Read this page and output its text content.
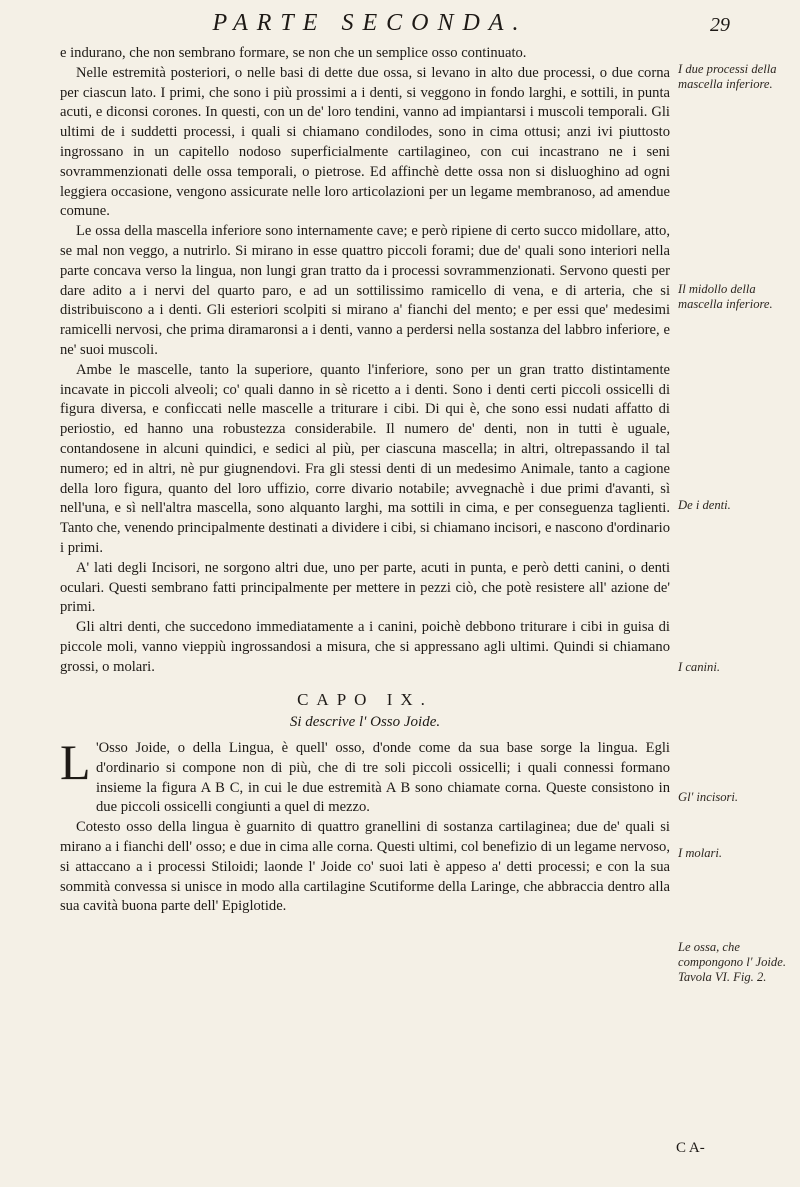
PARTE SECONDA.	29

e indurano, che non sembrano formare, se non che un semplice osso continuato.

Nelle estremità posteriori, o nelle basi di dette due ossa, si levano in alto due processi, o due corna per ciascun lato. I primi, che sono i più prossimi a i denti, si veggono in fondo larghi, e sottili, in punta acuti, e diconsi corones. In questi, con un de' loro tendini, vanno ad impiantarsi i muscoli temporali. Gli ultimi de i suddetti processi, i quali si chiamano condilodes, sono in cima ottusi; anzi ivi piuttosto ingrossano in un capitello nodoso superficialmente cartilagineo, con cui incastrano ne i seni sovrammenzionati delle ossa temporali, o pietrose. Ed affinchè dette ossa non si disluoghino ad ogni leggiera occasione, vengono assicurate nelle loro articolazioni per un legame membranoso, ad amendue comune.

Le ossa della mascella inferiore sono internamente cave; e però ripiene di certo succo midollare, atto, se mal non veggo, a nutrirlo. Si mirano in esse quattro piccoli forami; due de' quali sono interiori nella parte concava verso la lingua, non lungi gran tratto da i processi sovrammenzionati. Servono questi per dare adito a i nervi del quarto paro, e ad un sottilissimo ramicello di vena, e di arteria, che si distribuiscono a i denti. Gli esteriori scolpiti si mirano a' fianchi del mento; e per essi que' medesimi ramicelli nervosi, che prima diramaronsi a i denti, vanno a perdersi nella sostanza del labbro inferiore, e ne' suoi muscoli.

Ambe le mascelle, tanto la superiore, quanto l'inferiore, sono per un gran tratto distintamente incavate in piccoli alveoli; co' quali danno in sè ricetto a i denti. Sono i denti certi piccoli ossicelli di figura diversa, e conficcati nelle mascelle a triturare i cibi. Di qui è, che sono essi nudati affatto di periostio, ed hanno una robustezza considerabile. Il numero de' denti, non in tutti è uguale, contandosene in alcuni quindici, e sedici al più, per ciascuna mascella; in altri, oltrepassando il tal numero; ed in altri, nè pur giugnendovi. Fra gli stessi denti di un medesimo Animale, tanto a cagione della loro figura, quanto del loro uffizio, corre divario notabile; avvegnachè i due primi d'avanti, sì nell'una, e sì nell'altra mascella, sono alquanto larghi, ma sottili in cima, e per conseguenza taglienti. Tanto che, venendo principalmente destinati a dividere i cibi, si chiamano incisori, e nascono d'ordinario i primi.

A' lati degli Incisori, ne sorgono altri due, uno per parte, acuti in punta, e però detti canini, o denti oculari. Questi sembrano fatti principalmente per mettere in pezzi ciò, che potè resistere all' azione de' primi.

Gli altri denti, che succedono immediatamente a i canini, poichè debbono triturare i cibi in guisa di piccole moli, vanno vieppiù ingrossandosi a misura, che si appressano agli ultimi. Quindi si chiamano grossi, o molari.

CAPO IX.
Si descrive l' Osso Joide.

L 'Osso Joide, o della Lingua, è quell' osso, d'onde come da sua base sorge la lingua. Egli d'ordinario si compone non di più, che di tre soli piccoli ossicelli; i quali connessi formano insieme la figura A B C, in cui le due estremità A B sono chiamate corna. Queste consistono in due piccoli ossicelli congiunti a quel di mezzo.

Cotesto osso della lingua è guarnito di quattro granellini di sostanza cartilaginea; due de' quali si mirano a i fianchi dell' osso; e due in cima alle corna. Questi ultimi, col benefizio di un legame nervoso, si attaccano a i processi Stiloidi; laonde l' Joide co' suoi lati è appeso a' detti processi; e con la sua sommità convessa si unisce in modo alla cartilagine Scutiforme della Laringe, che abbraccia dentro alla sua cavità buona parte dell' Epiglotide.

I due processi della mascella inferiore.
Il midollo della mascella inferiore.
De i denti.
I canini.
Gl' incisori.
I molari.
Le ossa, che compongono l' Joide. Tavola VI. Fig. 2.
C A-
